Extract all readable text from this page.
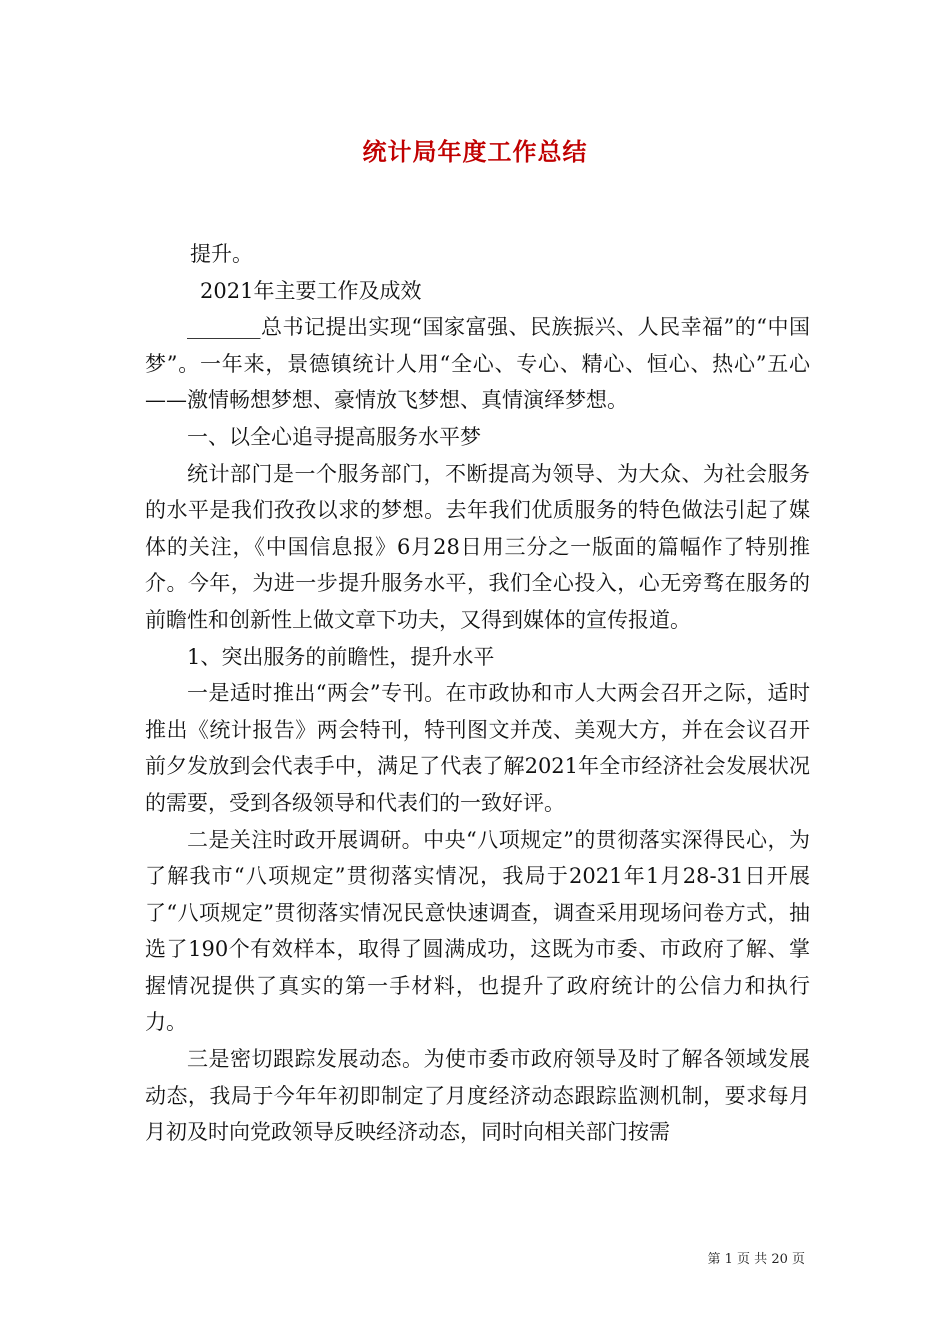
统计局年度工作总结

提升。

2021年主要工作及成效

_______总书记提出实现“国家富强、民族振兴、人民幸福”的“中国梦”。一年来，景德镇统计人用“全心、专心、精心、恒心、热心”五心——激情畅想梦想、豪情放飞梦想、真情演绎梦想。

一、以全心追寻提高服务水平梦

统计部门是一个服务部门，不断提高为领导、为大众、为社会服务的水平是我们孜孜以求的梦想。去年我们优质服务的特色做法引起了媒体的关注，《中国信息报》6月28日用三分之一版面的篇幅作了特别推介。今年，为进一步提升服务水平，我们全心投入，心无旁骛在服务的前瞻性和创新性上做文章下功夫，又得到媒体的宣传报道。

1、突出服务的前瞻性，提升水平

一是适时推出“两会”专刊。在市政协和市人大两会召开之际，适时推出《统计报告》两会特刊，特刊图文并茂、美观大方，并在会议召开前夕发放到会代表手中，满足了代表了解2021年全市经济社会发展状况的需要，受到各级领导和代表们的一致好评。

二是关注时政开展调研。中央“八项规定”的贯彻落实深得民心，为了解我市“八项规定”贯彻落实情况，我局于2021年1月28-31日开展了“八项规定”贯彻落实情况民意快速调查，调查采用现场问卷方式，抽选了190个有效样本，取得了圆满成功，这既为市委、市政府了解、掌握情况提供了真实的第一手材料，也提升了政府统计的公信力和执行力。

三是密切跟踪发展动态。为使市委市政府领导及时了解各领域发展动态，我局于今年年初即制定了月度经济动态跟踪监测机制，要求每月月初及时向党政领导反映经济动态，同时向相关部门按需

第 1 页 共 20 页
